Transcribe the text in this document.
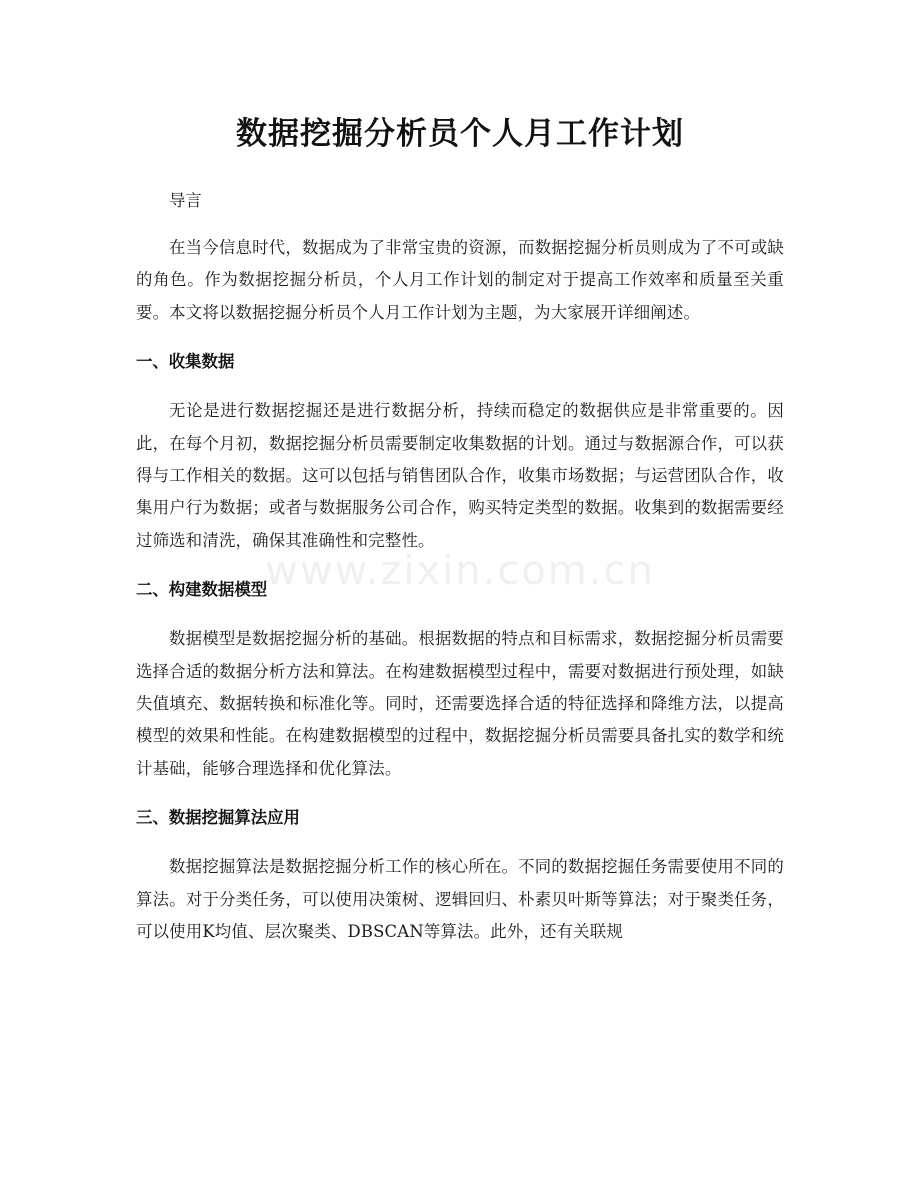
数据挖掘分析员个人月工作计划
www.zixin.com.cn

导言

在当今信息时代，数据成为了非常宝贵的资源，而数据挖掘分析员则成为了不可或缺的角色。作为数据挖掘分析员，个人月工作计划的制定对于提高工作效率和质量至关重要。本文将以数据挖掘分析员个人月工作计划为主题，为大家展开详细阐述。

一、收集数据

无论是进行数据挖掘还是进行数据分析，持续而稳定的数据供应是非常重要的。因此，在每个月初，数据挖掘分析员需要制定收集数据的计划。通过与数据源合作，可以获得与工作相关的数据。这可以包括与销售团队合作，收集市场数据；与运营团队合作，收集用户行为数据；或者与数据服务公司合作，购买特定类型的数据。收集到的数据需要经过筛选和清洗，确保其准确性和完整性。

二、构建数据模型

数据模型是数据挖掘分析的基础。根据数据的特点和目标需求，数据挖掘分析员需要选择合适的数据分析方法和算法。在构建数据模型过程中，需要对数据进行预处理，如缺失值填充、数据转换和标准化等。同时，还需要选择合适的特征选择和降维方法，以提高模型的效果和性能。在构建数据模型的过程中，数据挖掘分析员需要具备扎实的数学和统计基础，能够合理选择和优化算法。

三、数据挖掘算法应用

数据挖掘算法是数据挖掘分析工作的核心所在。不同的数据挖掘任务需要使用不同的算法。对于分类任务，可以使用决策树、逻辑回归、朴素贝叶斯等算法；对于聚类任务，可以使用K均值、层次聚类、DBSCAN等算法。此外，还有关联规
